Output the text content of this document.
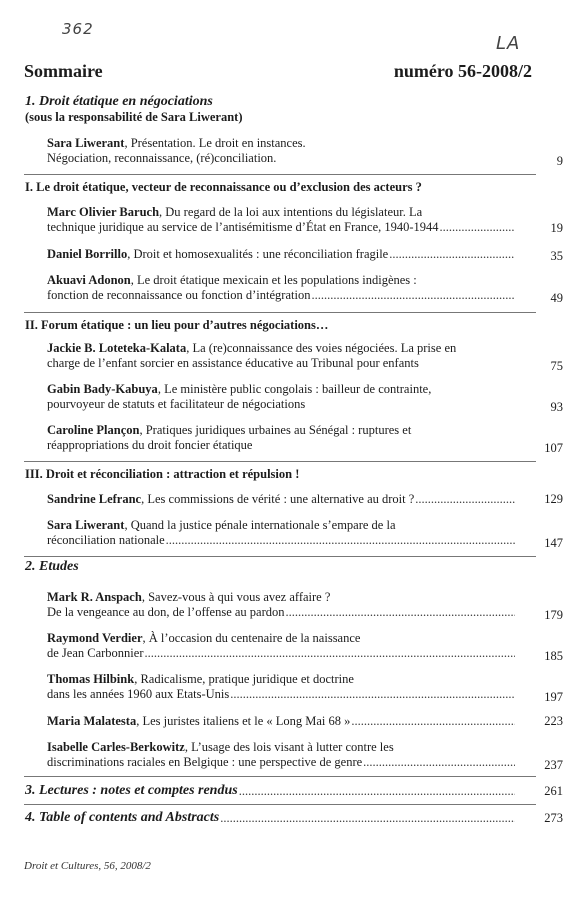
362
LA
Sommaire	numéro 56-2008/2
1. Droit étatique en négociations
(sous la responsabilité de Sara Liwerant)
Sara Liwerant, Présentation. Le droit en instances.
Négociation, reconnaissance, (ré)conciliation.	9
I. Le droit étatique, vecteur de reconnaissance ou d’exclusion des acteurs ?
Marc Olivier Baruch, Du regard de la loi aux intentions du législateur. La
technique juridique au service de l’antisémitisme d’État en France, 1940-1944 .....	19
Daniel Borrillo , Droit et homosexualités : une réconciliation fragile .....	35
Akuavi Adonon, Le droit étatique mexicain et les populations indigènes :
fonction de reconnaissance ou fonction d’intégration .....	49
II. Forum étatique : un lieu pour d’autres négociations…
Jackie B. Loteteka-Kalata, La (re)connaissance des voies négociées. La prise en
charge de l’enfant sorcier en assistance éducative au Tribunal pour enfants	75
Gabin Bady-Kabuya, Le ministère public congolais : bailleur de contrainte,
pourvoyeur de statuts et facilitateur de négociations	93
Caroline Plançon, Pratiques juridiques urbaines au Sénégal : ruptures et
réappropriations du droit foncier étatique	107
III. Droit et réconciliation : attraction et répulsion !
Sandrine Lefranc , Les commissions de vérité : une alternative au droit ? .....	129
Sara Liwerant, Quand la justice pénale internationale s’empare de la
réconciliation nationale .....	147
2. Etudes
Mark R. Anspach, Savez-vous à qui vous avez affaire ?
De la vengeance au don, de l’offense au pardon .....	179
Raymond Verdier, À l’occasion du centenaire de la naissance
de Jean Carbonnier .....	185
Thomas Hilbink, Radicalisme, pratique juridique et doctrine
dans les années 1960 aux Etats-Unis .....	197
Maria Malatesta , Les juristes italiens et le « Long Mai 68 » .....	223
Isabelle Carles-Berkowitz, L’usage des lois visant à lutter contre les
discriminations raciales en Belgique : une perspective de genre .....	237
3. Lectures : notes et comptes rendus .....	261
4. Table of contents and Abstracts .....	273
Droit et Cultures, 56, 2008/2
